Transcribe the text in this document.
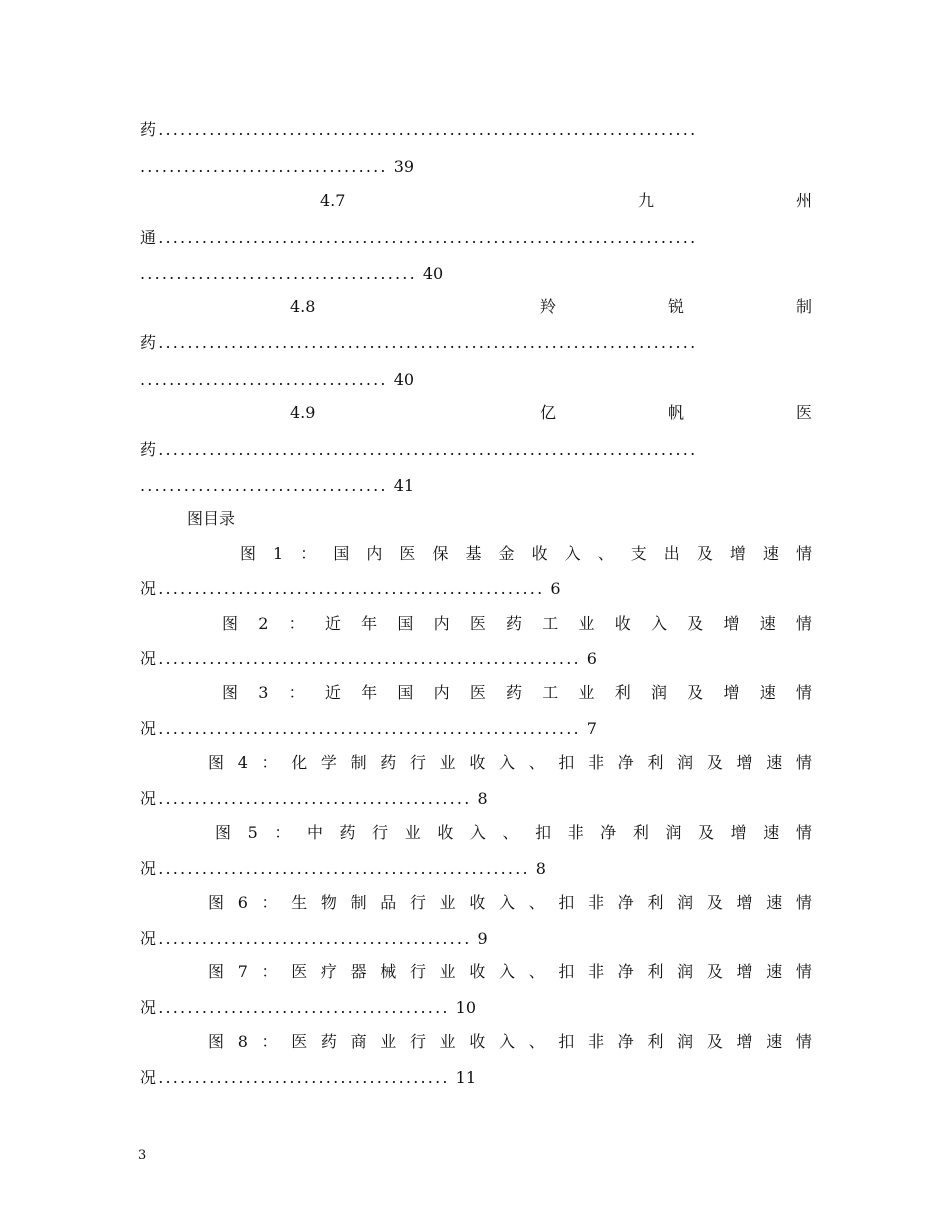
药..........................................................................
.................................. 39
4.7	九	州
通..........................................................................
...................................... 40
4.8	羚	锐	制
药..........................................................................
.................................. 40
4.9	亿	帆	医
药..........................................................................
.................................. 41
图目录
图 1 ： 国 内 医 保 基 金 收 入 、 支 出 及 增 速 情
况..................................................... 6
图 2 ： 近 年 国 内 医 药 工 业 收 入 及 增 速 情
况.......................................................... 6
图 3 ： 近 年 国 内 医 药 工 业 利 润 及 增 速 情
况.......................................................... 7
图 4 ： 化 学 制 药 行 业 收 入 、 扣 非 净 利 润 及 增 速 情
况........................................... 8
图 5 ： 中 药 行 业 收 入 、 扣 非 净 利 润 及 增 速 情
况................................................... 8
图 6 ： 生 物 制 品 行 业 收 入 、 扣 非 净 利 润 及 增 速 情
况........................................... 9
图 7 ： 医 疗 器 械 行 业 收 入 、 扣 非 净 利 润 及 增 速 情
况........................................ 10
图 8 ： 医 药 商 业 行 业 收 入 、 扣 非 净 利 润 及 增 速 情
况........................................ 11
3
